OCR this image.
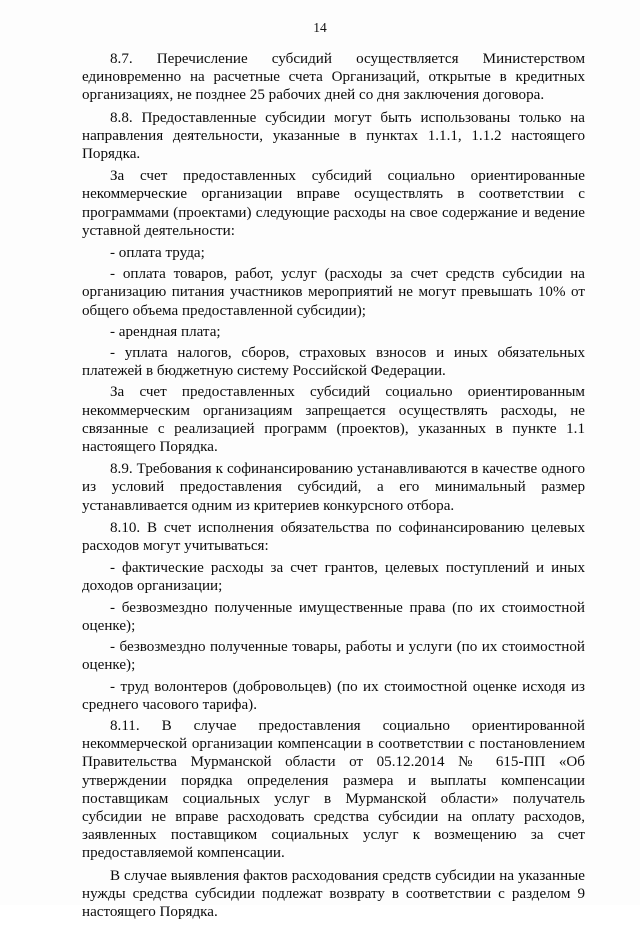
14

8.7. Перечисление субсидий осуществляется Министерством единовременно на расчетные счета Организаций, открытые в кредитных организациях, не позднее 25 рабочих дней со дня заключения договора.

8.8. Предоставленные субсидии могут быть использованы только на направления деятельности, указанные в пунктах 1.1.1, 1.1.2 настоящего Порядка.

За счет предоставленных субсидий социально ориентированные некоммерческие организации вправе осуществлять в соответствии с программами (проектами) следующие расходы на свое содержание и ведение уставной деятельности:

- оплата труда;

- оплата товаров, работ, услуг (расходы за счет средств субсидии на организацию питания участников мероприятий не могут превышать 10% от общего объема предоставленной субсидии);

- арендная плата;

- уплата налогов, сборов, страховых взносов и иных обязательных платежей в бюджетную систему Российской Федерации.

За счет предоставленных субсидий социально ориентированным некоммерческим организациям запрещается осуществлять расходы, не связанные с реализацией программ (проектов), указанных в пункте 1.1 настоящего Порядка.

8.9. Требования к софинансированию устанавливаются в качестве одного из условий предоставления субсидий, а его минимальный размер устанавливается одним из критериев конкурсного отбора.

8.10. В счет исполнения обязательства по софинансированию целевых расходов могут учитываться:

- фактические расходы за счет грантов, целевых поступлений и иных доходов организации;

- безвозмездно полученные имущественные права (по их стоимостной оценке);

- безвозмездно полученные товары, работы и услуги (по их стоимостной оценке);

- труд волонтеров (добровольцев) (по их стоимостной оценке исходя из среднего часового тарифа).

8.11. В случае предоставления социально ориентированной некоммерческой организации компенсации в соответствии с постановлением Правительства Мурманской области от 05.12.2014 № 615-ПП «Об утверждении порядка определения размера и выплаты компенсации поставщикам социальных услуг в Мурманской области» получатель субсидии не вправе расходовать средства субсидии на оплату расходов, заявленных поставщиком социальных услуг к возмещению за счет предоставляемой компенсации.

В случае выявления фактов расходования средств субсидии на указанные нужды средства субсидии подлежат возврату в соответствии с разделом 9 настоящего Порядка.
